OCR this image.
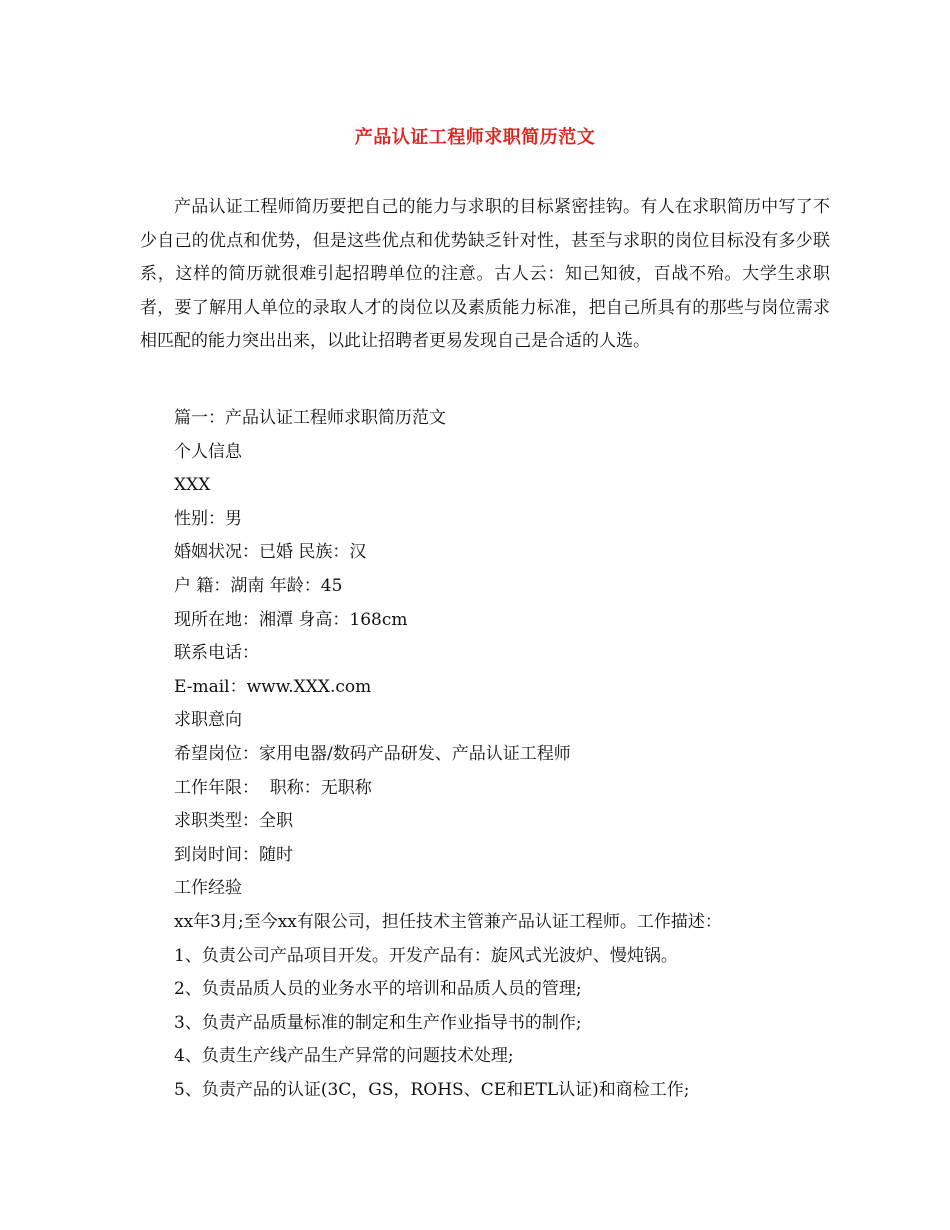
产品认证工程师求职简历范文

产品认证工程师简历要把自己的能力与求职的目标紧密挂钩。有人在求职简历中写了不少自己的优点和优势，但是这些优点和优势缺乏针对性，甚至与求职的岗位目标没有多少联系，这样的简历就很难引起招聘单位的注意。古人云：知己知彼，百战不殆。大学生求职者，要了解用人单位的录取人才的岗位以及素质能力标准，把自己所具有的那些与岗位需求相匹配的能力突出出来，以此让招聘者更易发现自己是合适的人选。

篇一：产品认证工程师求职简历范文
个人信息
XXX
性别：男
婚姻状况：已婚 民族：汉
户 籍：湖南 年龄：45
现所在地：湘潭 身高：168cm
联系电话：
E-mail：www.XXX.com
求职意向
希望岗位：家用电器/数码产品研发、产品认证工程师
工作年限：  职称：无职称
求职类型：全职
到岗时间：随时
工作经验
xx年3月;至今xx有限公司，担任技术主管兼产品认证工程师。工作描述：
1、负责公司产品项目开发。开发产品有：旋风式光波炉、慢炖锅。
2、负责品质人员的业务水平的培训和品质人员的管理;
3、负责产品质量标准的制定和生产作业指导书的制作;
4、负责生产线产品生产异常的问题技术处理;
5、负责产品的认证(3C，GS，ROHS、CE和ETL认证)和商检工作;
